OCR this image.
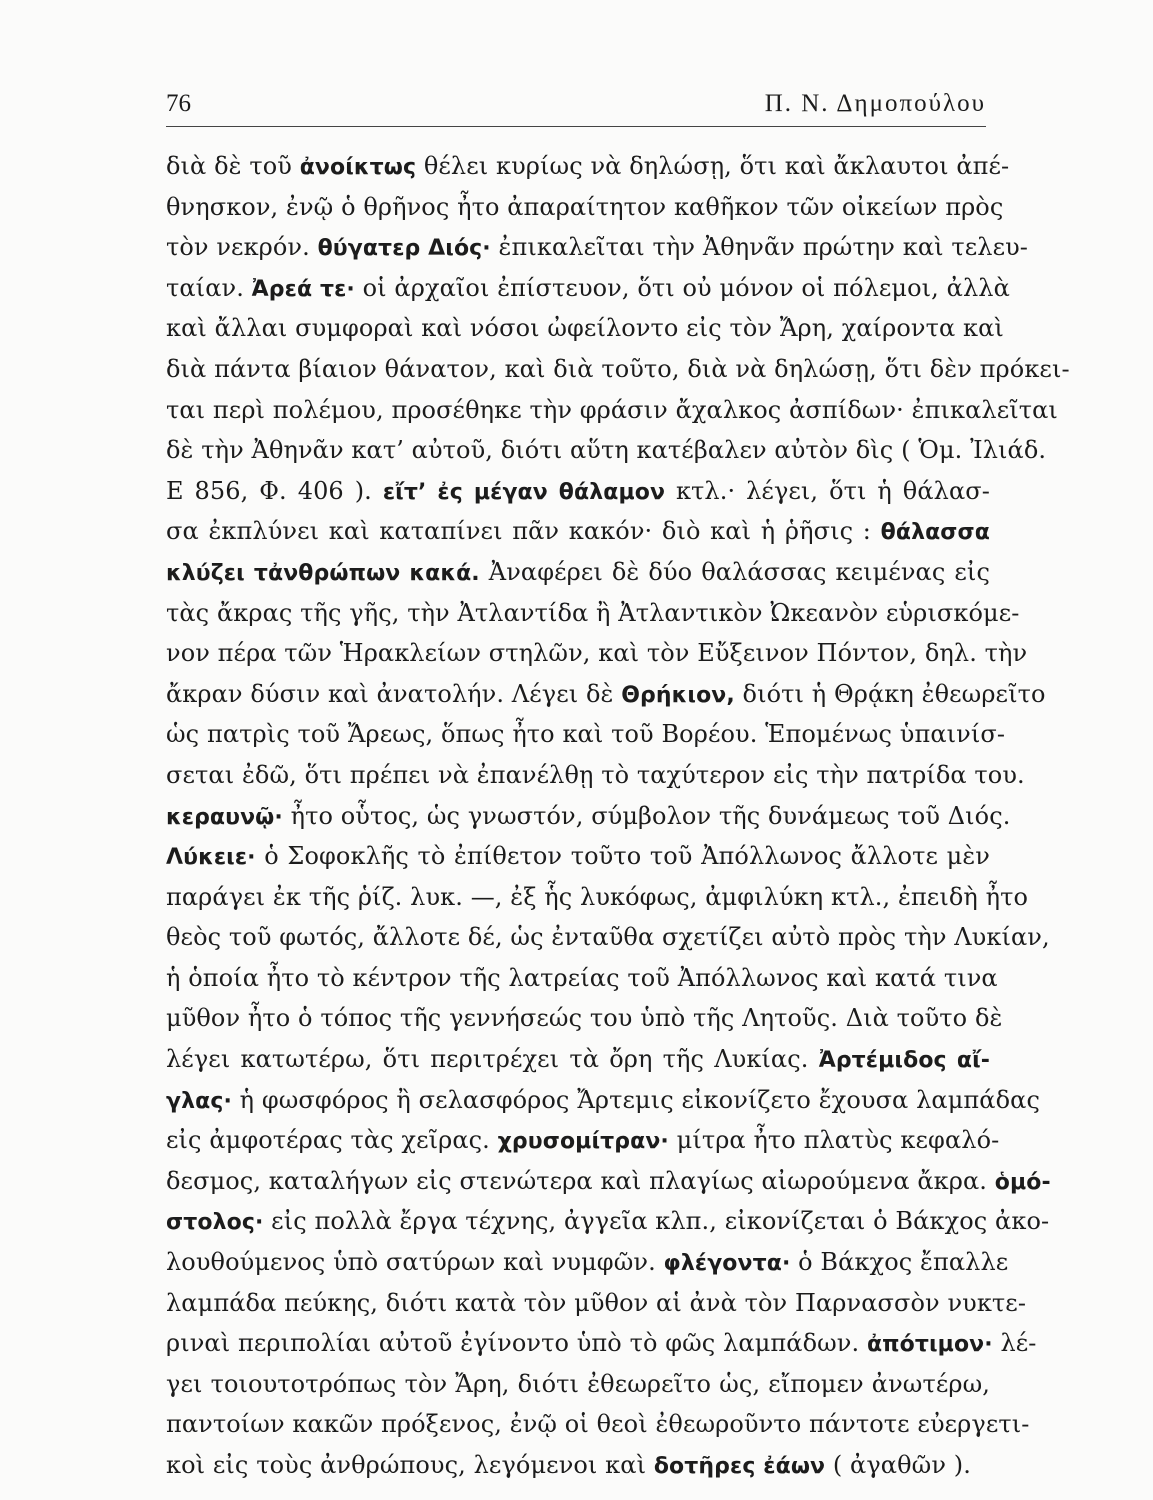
76	Π. Ν. Δημοπούλου
διὰ δὲ τοῦ ἀνοίκτως θέλει κυρίως νὰ δηλώσῃ, ὅτι καὶ ἄκλαυτοι ἀπέ-
θνησκον, ἐνῷ ὁ θρῆνος ἦτο ἀπαραίτητον καθῆκον τῶν οἰκείων πρὸς
τὸν νεκρόν. θύγατερ Διός· ἐπικαλεῖται τὴν Ἀθηνᾶν πρώτην καὶ τελευ-
ταίαν. Ἀρεά τε· οἱ ἀρχαῖοι ἐπίστευον, ὅτι οὐ μόνον οἱ πόλεμοι, ἀλλὰ
καὶ ἄλλαι συμφοραὶ καὶ νόσοι ὠφείλοντο εἰς τὸν Ἄρη, χαίροντα καὶ
διὰ πάντα βίαιον θάνατον, καὶ διὰ τοῦτο, διὰ νὰ δηλώσῃ, ὅτι δὲν πρόκει-
ται περὶ πολέμου, προσέθηκε τὴν φράσιν ἄχαλκος ἀσπίδων· ἐπικαλεῖται
δὲ τὴν Ἀθηνᾶν κατ’ αὐτοῦ, διότι αὕτη κατέβαλεν αὐτὸν δὶς ( Ὁμ. Ἰλιάδ.
Ε 856, Φ. 406 ). εἴτ’ ἐς μέγαν θάλαμον κτλ.· λέγει, ὅτι ἡ θάλασ-
σα ἐκπλύνει καὶ καταπίνει πᾶν κακόν· διὸ καὶ ἡ ῥῆσις : θάλασσα
κλύζει τἀνθρώπων κακά. Ἀναφέρει δὲ δύο θαλάσσας κειμένας εἰς
τὰς ἄκρας τῆς γῆς, τὴν Ἀτλαντίδα ἢ Ἀτλαντικὸν Ὠκεανὸν εὑρισκόμε-
νον πέρα τῶν Ἡρακλείων στηλῶν, καὶ τὸν Εὔξεινον Πόντον, δηλ. τὴν
ἄκραν δύσιν καὶ ἀνατολήν. Λέγει δὲ Θρήκιον, διότι ἡ Θρᾴκη ἐθεωρεῖτο
ὡς πατρὶς τοῦ Ἄρεως, ὅπως ἦτο καὶ τοῦ Βορέου. Ἑπομένως ὑπαινίσ-
σεται ἐδῶ, ὅτι πρέπει νὰ ἐπανέλθῃ τὸ ταχύτερον εἰς τὴν πατρίδα του.
κεραυνῷ· ἦτο οὗτος, ὡς γνωστόν, σύμβολον τῆς δυνάμεως τοῦ Διός.
Λύκειε· ὁ Σοφοκλῆς τὸ ἐπίθετον τοῦτο τοῦ Ἀπόλλωνος ἄλλοτε μὲν
παράγει ἐκ τῆς ῥίζ. λυκ. —, ἐξ ἧς λυκόφως, ἀμφιλύκη κτλ., ἐπειδὴ ἦτο
θεὸς τοῦ φωτός, ἄλλοτε δέ, ὡς ἐνταῦθα σχετίζει αὐτὸ πρὸς τὴν Λυκίαν,
ἡ ὁποία ἦτο τὸ κέντρον τῆς λατρείας τοῦ Ἀπόλλωνος καὶ κατά τινα
μῦθον ἦτο ὁ τόπος τῆς γεννήσεώς του ὑπὸ τῆς Λητοῦς. Διὰ τοῦτο δὲ
λέγει κατωτέρω, ὅτι περιτρέχει τὰ ὄρη τῆς Λυκίας. Ἀρτέμιδος αἴ-
γλας· ἡ φωσφόρος ἢ σελασφόρος Ἄρτεμις εἰκονίζετο ἔχουσα λαμπάδας
εἰς ἀμφοτέρας τὰς χεῖρας. χρυσομίτραν· μίτρα ἦτο πλατὺς κεφαλό-
δεσμος, καταλήγων εἰς στενώτερα καὶ πλαγίως αἰωρούμενα ἄκρα. ὁμό-
στολος· εἰς πολλὰ ἔργα τέχνης, ἀγγεῖα κλπ., εἰκονίζεται ὁ Βάκχος ἀκο-
λουθούμενος ὑπὸ σατύρων καὶ νυμφῶν. φλέγοντα· ὁ Βάκχος ἔπαλλε
λαμπάδα πεύκης, διότι κατὰ τὸν μῦθον αἱ ἀνὰ τὸν Παρνασσὸν νυκτε-
ριναὶ περιπολίαι αὐτοῦ ἐγίνοντο ὑπὸ τὸ φῶς λαμπάδων. ἀπότιμον· λέ-
γει τοιουτοτρόπως τὸν Ἄρη, διότι ἐθεωρεῖτο ὡς, εἴπομεν ἀνωτέρω,
παντοίων κακῶν πρόξενος, ἐνῷ οἱ θεοὶ ἐθεωροῦντο πάντοτε εὐεργετι-
κοὶ εἰς τοὺς ἀνθρώπους, λεγόμενοι καὶ δοτῆρες ἐάων ( ἀγαθῶν ).
